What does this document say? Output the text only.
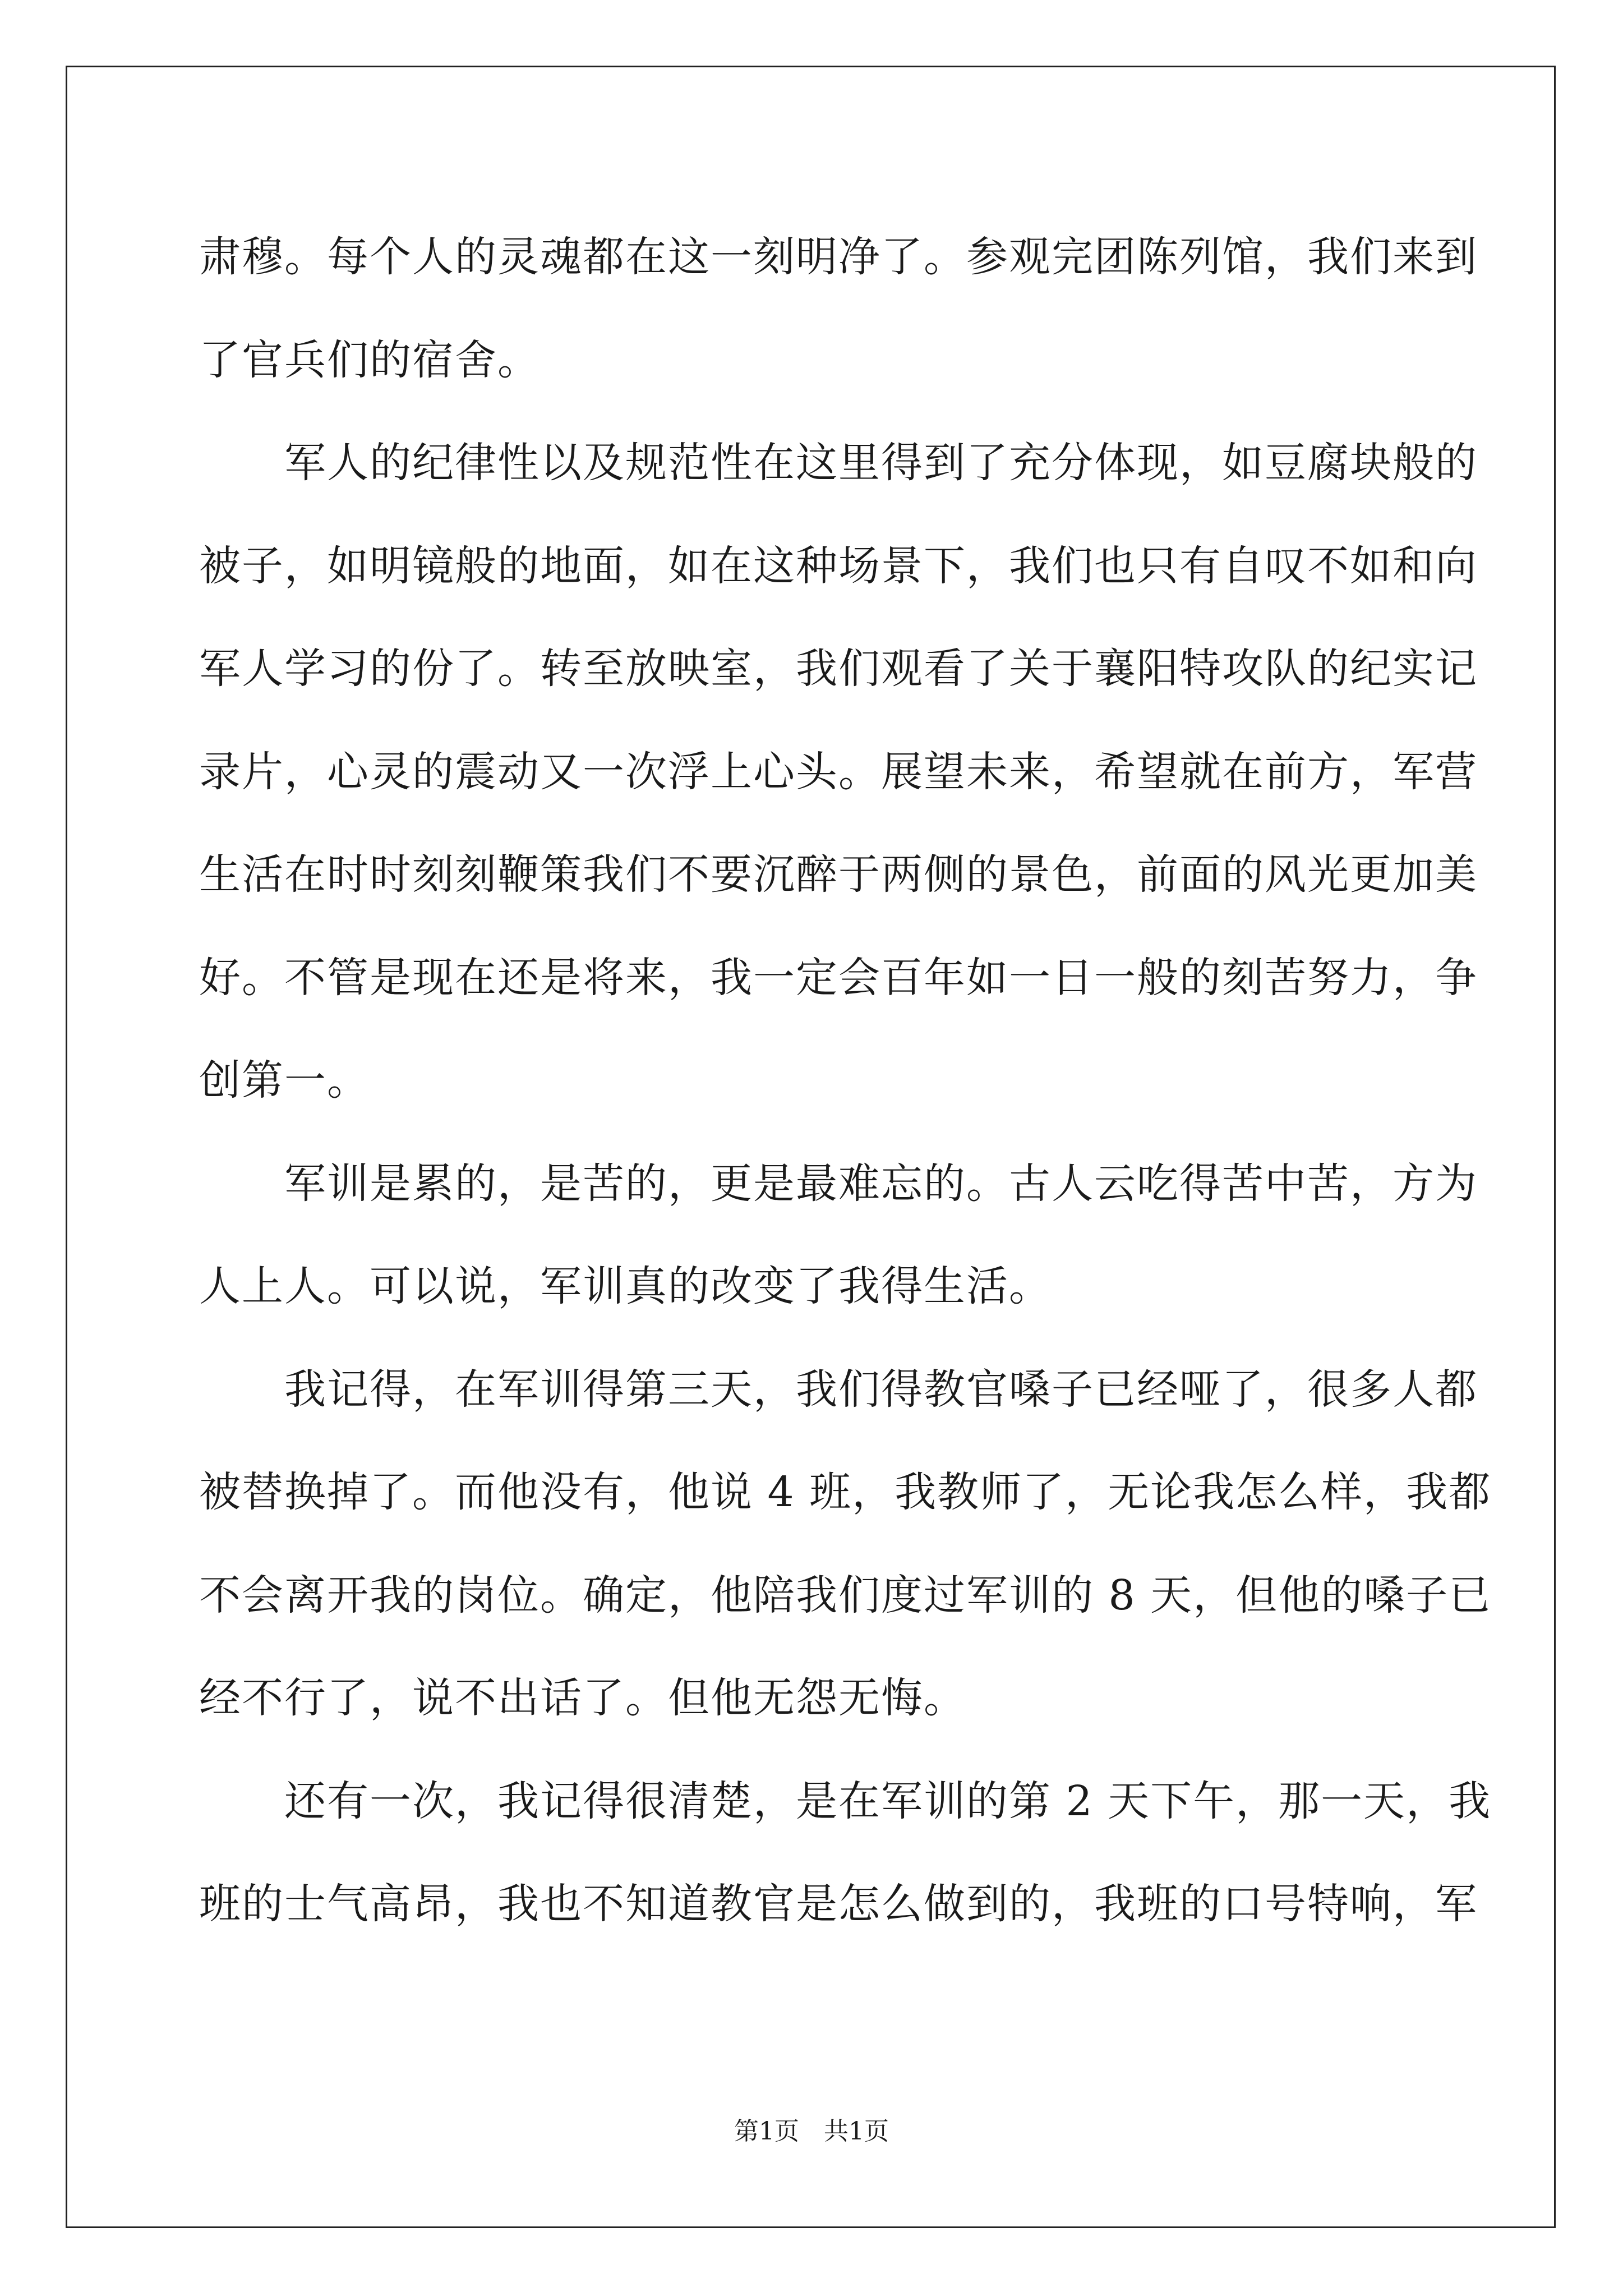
肃穆。每个人的灵魂都在这一刻明净了。参观完团陈列馆，我们来到
了官兵们的宿舍。
　　军人的纪律性以及规范性在这里得到了充分体现，如豆腐块般的
被子，如明镜般的地面，如在这种场景下，我们也只有自叹不如和向
军人学习的份了。转至放映室，我们观看了关于襄阳特攻队的纪实记
录片，心灵的震动又一次浮上心头。展望未来，希望就在前方，军营
生活在时时刻刻鞭策我们不要沉醉于两侧的景色，前面的风光更加美
好。不管是现在还是将来，我一定会百年如一日一般的刻苦努力，争
创第一。
　　军训是累的，是苦的，更是最难忘的。古人云吃得苦中苦，方为
人上人。可以说，军训真的改变了我得生活。
　　我记得，在军训得第三天，我们得教官嗓子已经哑了，很多人都
被替换掉了。而他没有，他说 4 班，我教师了，无论我怎么样，我都
不会离开我的岗位。确定，他陪我们度过军训的 8 天，但他的嗓子已
经不行了，说不出话了。但他无怨无悔。
　　还有一次，我记得很清楚，是在军训的第 2 天下午，那一天，我
班的士气高昂，我也不知道教官是怎么做到的，我班的口号特响，军
第1页　共1页
